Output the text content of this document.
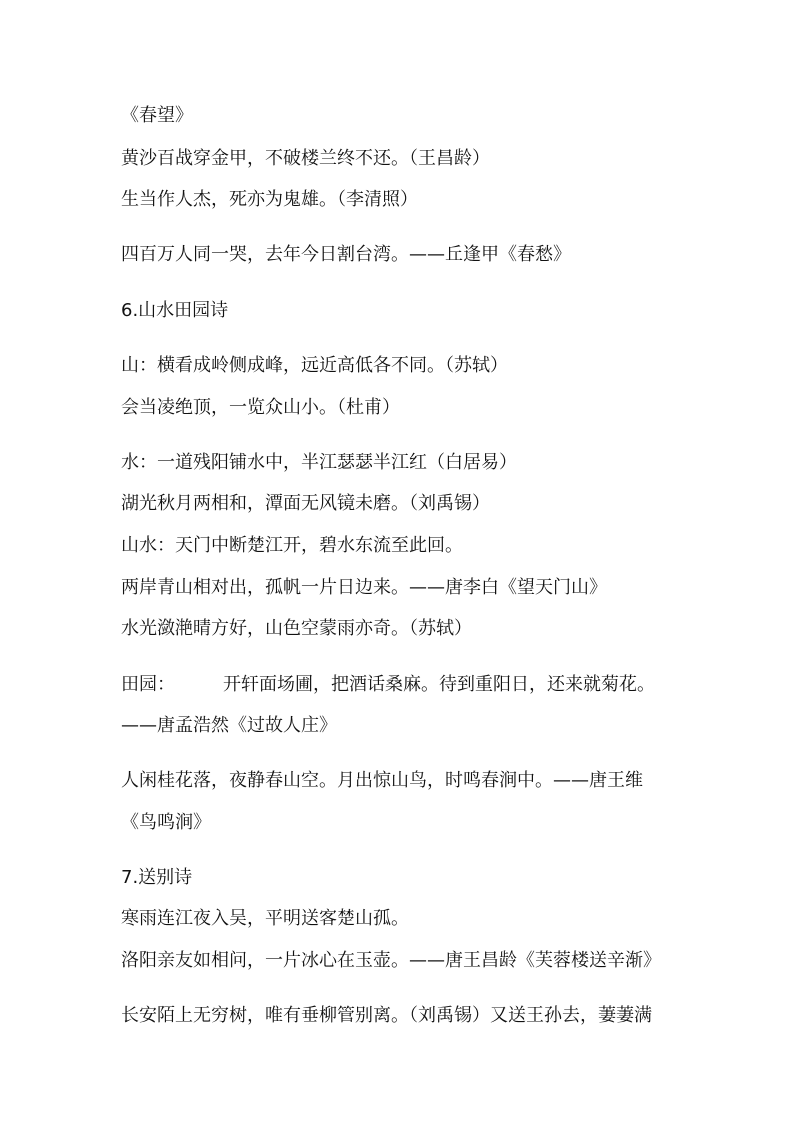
《春望》
黄沙百战穿金甲，不破楼兰终不还。（王昌龄）
生当作人杰，死亦为鬼雄。（李清照）
四百万人同一哭，去年今日割台湾。——丘逢甲《春愁》
6.山水田园诗
山：横看成岭侧成峰，远近高低各不同。（苏轼）
会当凌绝顶，一览众山小。（杜甫）
水：一道残阳铺水中，半江瑟瑟半江红（白居易）
湖光秋月两相和，潭面无风镜未磨。（刘禹锡）
山水：天门中断楚江开，碧水东流至此回。
两岸青山相对出，孤帆一片日边来。——唐李白《望天门山》
水光潋滟晴方好，山色空蒙雨亦奇。（苏轼）
田园：	开轩面场圃，把酒话桑麻。待到重阳日，还来就菊花。
——唐孟浩然《过故人庄》
人闲桂花落，夜静春山空。月出惊山鸟，时鸣春涧中。——唐王维
《鸟鸣涧》
7.送别诗
寒雨连江夜入吴，平明送客楚山孤。
洛阳亲友如相问，一片冰心在玉壶。——唐王昌龄《芙蓉楼送辛渐》
长安陌上无穷树，唯有垂柳管别离。（刘禹锡）又送王孙去，萋萋满
